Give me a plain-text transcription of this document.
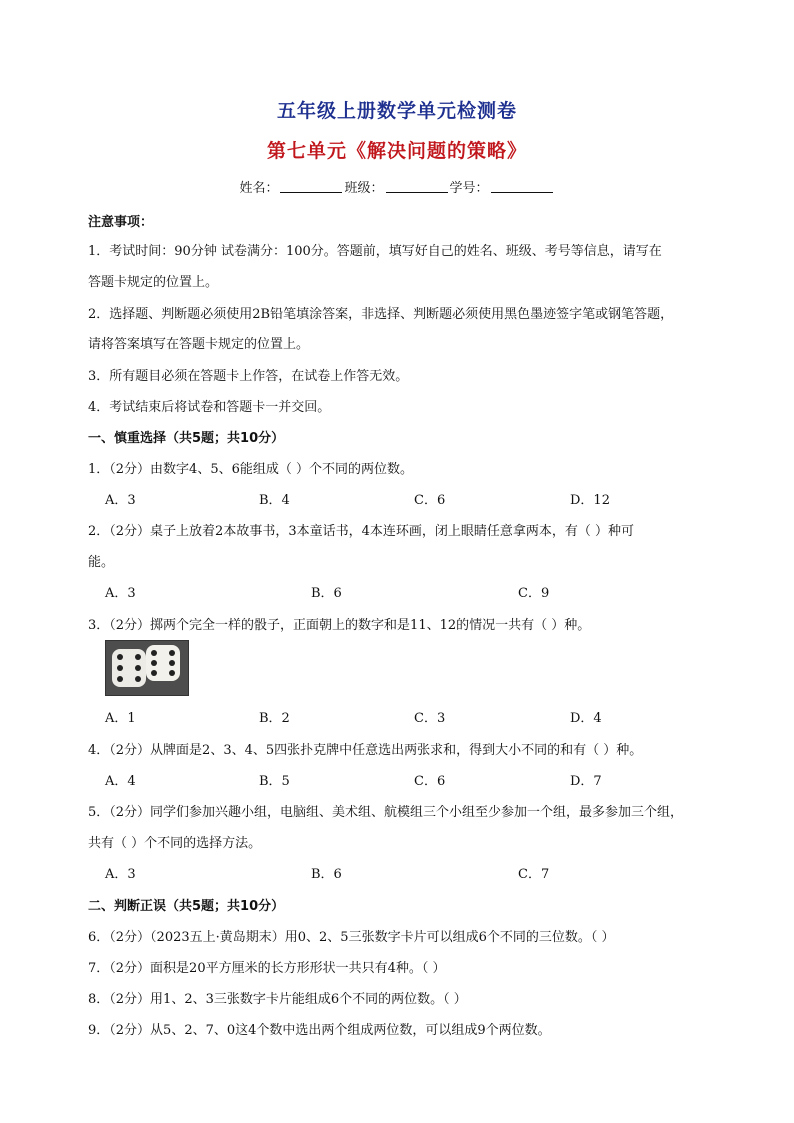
五年级上册数学单元检测卷
第七单元《解决问题的策略》
姓名：	班级：	学号：
注意事项：
1．考试时间：90分钟 试卷满分：100分。答题前，填写好自己的姓名、班级、考号等信息，请写在
答题卡规定的位置上。
2．选择题、判断题必须使用2B铅笔填涂答案，非选择、判断题必须使用黑色墨迹签字笔或钢笔答题，
请将答案填写在答题卡规定的位置上。
3．所有题目必须在答题卡上作答，在试卷上作答无效。
4．考试结束后将试卷和答题卡一并交回。
一、慎重选择（共5题；共10分）
1．（2分）由数字4、5、6能组成（ ）个不同的两位数。
A．3	B．4	C．6	D．12
2．（2分）桌子上放着2本故事书，3本童话书，4本连环画，闭上眼睛任意拿两本，有（ ）种可
能。
A．3	B．6	C．9
3．（2分）掷两个完全一样的骰子，正面朝上的数字和是11、12的情况一共有（ ）种。
A．1	B．2	C．3	D．4
4．（2分）从牌面是2、3、4、5四张扑克牌中任意选出两张求和，得到大小不同的和有（ ）种。
A．4	B．5	C．6	D．7
5．（2分）同学们参加兴趣小组，电脑组、美术组、航模组三个小组至少参加一个组，最多参加三个组，
共有（ ）个不同的选择方法。
A．3	B．6	C．7
二、判断正误（共5题；共10分）
6．（2分）（2023五上·黄岛期末）用0、2、5三张数字卡片可以组成6个不同的三位数。（ ）
7．（2分）面积是20平方厘米的长方形形状一共只有4种。（ ）
8．（2分）用1、2、3三张数字卡片能组成6个不同的两位数。（ ）
9．（2分）从5、2、7、0这4个数中选出两个组成两位数，可以组成9个两位数。
